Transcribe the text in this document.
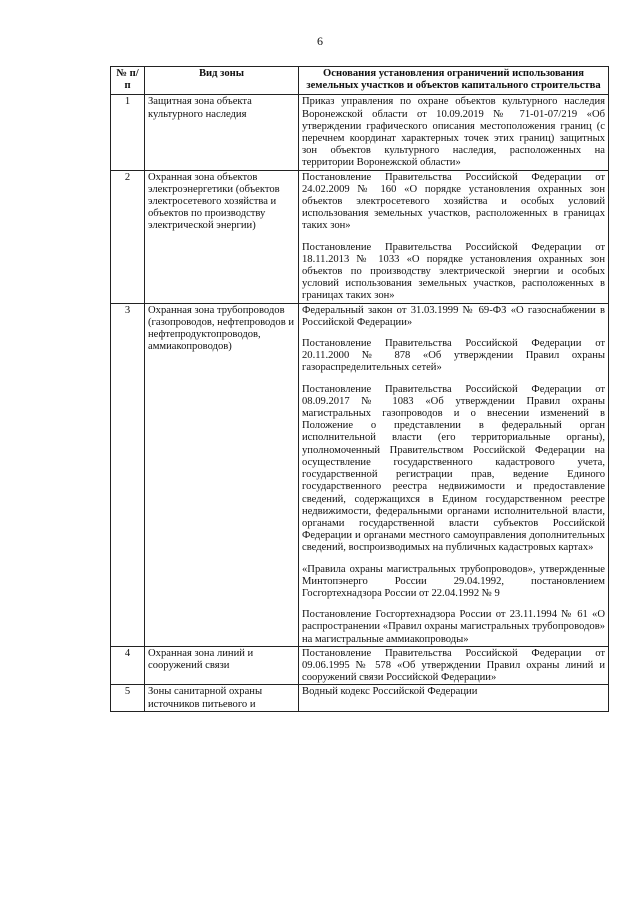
6
№ п/п	Вид зоны	Основания установления ограничений использования земельных участков и объектов капитального строительства
1	Защитная зона объекта культурного наследия	Приказ управления по охране объектов культурного наследия Воронежской области от 10.09.2019 № 71-01-07/219 «Об утверждении графического описания местоположения границ (с перечнем координат характерных точек этих границ) защитных зон объектов культурного наследия, расположенных на территории Воронежской области»

2	Охранная зона объектов электроэнергетики (объектов электросетевого хозяйства и объектов по производству электрической энергии)	Постановление Правительства Российской Федерации от 24.02.2009 № 160 «О порядке установления охранных зон объектов электросетевого хозяйства и особых условий использования земельных участков, расположенных в границах таких зон»
Постановление Правительства Российской Федерации от 18.11.2013 № 1033 «О порядке установления охранных зон объектов по производству электрической энергии и особых условий использования земельных участков, расположенных в границах таких зон»

3	Охранная зона трубопроводов (газопроводов, нефтепроводов и нефтепродуктопроводов, аммиакопроводов)	Федеральный закон от 31.03.1999 № 69-ФЗ «О газоснабжении в Российской Федерации»
Постановление Правительства Российской Федерации от 20.11.2000 № 878 «Об утверждении Правил охраны газораспределительных сетей»
Постановление Правительства Российской Федерации от 08.09.2017 № 1083 «Об утверждении Правил охраны магистральных газопроводов и о внесении изменений в Положение о представлении в федеральный орган исполнительной власти (его территориальные органы), уполномоченный Правительством Российской Федерации на осуществление государственного кадастрового учета, государственной регистрации прав, ведение Единого государственного реестра недвижимости и предоставление сведений, содержащихся в Едином государственном реестре недвижимости, федеральными органами исполнительной власти, органами государственной власти субъектов Российской Федерации и органами местного самоуправления дополнительных сведений, воспроизводимых на публичных кадастровых картах»
«Правила охраны магистральных трубопроводов», утвержденные Минтопэнерго России 29.04.1992, постановлением Госгортехнадзора России от 22.04.1992 № 9
Постановление Госгортехнадзора России от 23.11.1994 № 61 «О распространении «Правил охраны магистральных трубопроводов» на магистральные аммиакопроводы»

4	Охранная зона линий и сооружений связи	Постановление Правительства Российской Федерации от 09.06.1995 № 578 «Об утверждении Правил охраны линий и сооружений связи Российской Федерации»

5	Зоны санитарной охраны источников питьевого и	Водный кодекс Российской Федерации
